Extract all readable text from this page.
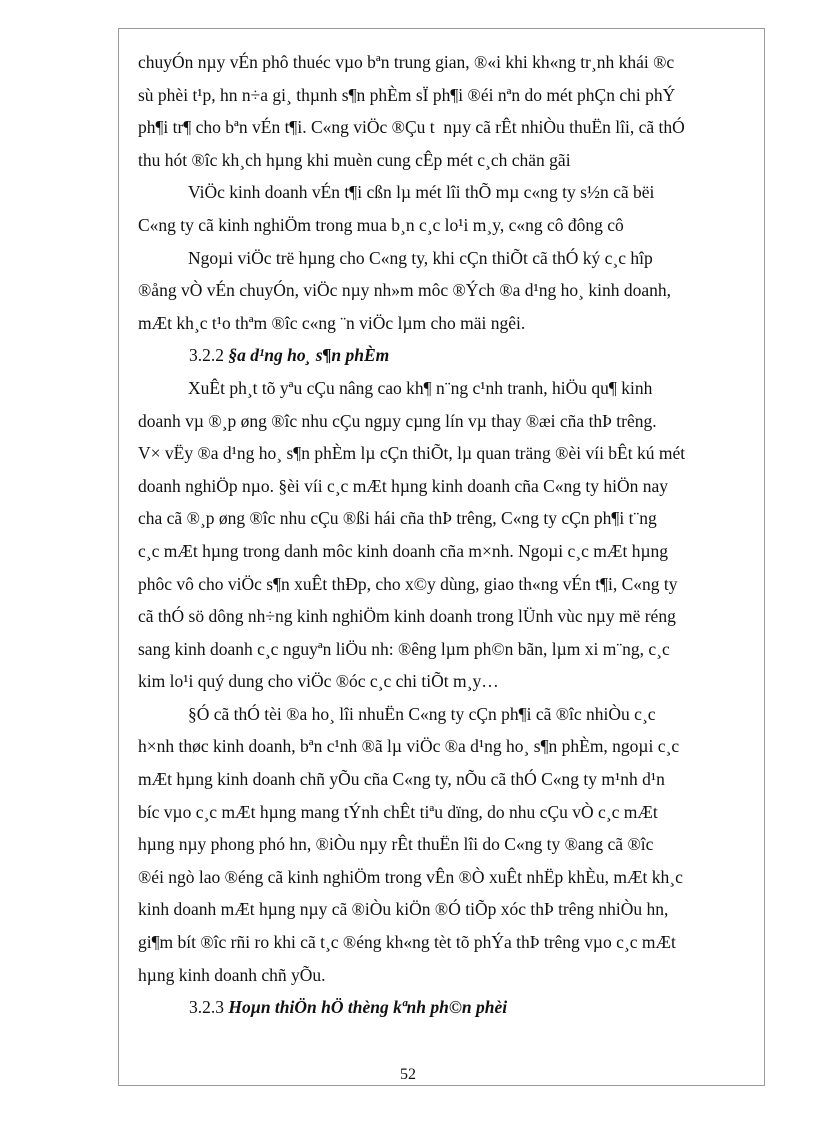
chuyÓn nµy vÉn phô thuéc vµo bªn trung gian, ®«i khi kh«ng tr¸nh khái ®c
sù phèi t¹p, hn n÷a gi¸ thµnh s¶n phÈm sÏ ph¶i ®éi nªn do mét phÇn chi phÝ
ph¶i tr¶ cho bªn vÉn t¶i. C«ng viÖc ®Çu t  nµy cã rÊt nhiÒu thuËn lîi, cã thÓ
thu hót ®îc kh¸ch hµng khi muèn cung cÊp mét c¸ch chän gãi
ViÖc kinh doanh vÉn t¶i cßn lµ mét lîi thÕ mµ c«ng ty s½n cã bëi
C«ng ty cã kinh nghiÖm trong mua b¸n c¸c lo¹i m¸y, c«ng cô đông cô
Ngoµi viÖc trë hµng cho C«ng ty, khi cÇn thiÕt cã thÓ ký c¸c hîp
®ång vÒ vÉn chuyÓn, viÖc nµy nh»m môc ®Ých ®a d¹ng ho¸ kinh doanh,
mÆt kh¸c t¹o thªm ®îc c«ng ¨n viÖc lµm cho mäi ngêi.
3.2.2 §a d¹ng ho¸ s¶n phÈm
XuÊt ph¸t tõ yªu cÇu nâng cao kh¶ n¨ng c¹nh tranh, hiÖu qu¶ kinh
doanh vµ ®¸p øng ®îc nhu cÇu ngµy cµng lín vµ thay ®æi cña thÞ trêng.
V× vËy ®a d¹ng ho¸ s¶n phÈm lµ cÇn thiÕt, lµ quan träng ®èi víi bÊt kú mét
doanh nghiÖp nµo. §èi víi c¸c mÆt hµng kinh doanh cña C«ng ty hiÖn nay
cha cã ®¸p øng ®îc nhu cÇu ®ßi hái cña thÞ trêng, C«ng ty cÇn ph¶i t¨ng
c¸c mÆt hµng trong danh môc kinh doanh cña m×nh. Ngoµi c¸c mÆt hµng
phôc vô cho viÖc s¶n xuÊt thÐp, cho x©y dùng, giao th«ng vÉn t¶i, C«ng ty
cã thÓ sö dông nh÷ng kinh nghiÖm kinh doanh trong lÜnh vùc nµy më réng
sang kinh doanh c¸c nguyªn liÖu nh: ®êng lµm ph©n bãn, lµm xi m¨ng, c¸c
kim lo¹i quý dung cho viÖc ®óc c¸c chi tiÕt m¸y…
§Ó cã thÓ tèi ®a ho¸ lîi nhuËn C«ng ty cÇn ph¶i cã ®îc nhiÒu c¸c
h×nh thøc kinh doanh, bªn c¹nh ®ã lµ viÖc ®a d¹ng ho¸ s¶n phÈm, ngoµi c¸c
mÆt hµng kinh doanh chñ yÕu cña C«ng ty, nÕu cã thÓ C«ng ty m¹nh d¹n
bíc vµo c¸c mÆt hµng mang tÝnh chÊt tiªu dïng, do nhu cÇu vÒ c¸c mÆt
hµng nµy phong phó hn, ®iÒu nµy rÊt thuËn lîi do C«ng ty ®ang cã ®îc
®éi ngò lao ®éng cã kinh nghiÖm trong vÊn ®Ò xuÊt nhËp khÈu, mÆt kh¸c
kinh doanh mÆt hµng nµy cã ®iÒu kiÖn ®Ó tiÕp xóc thÞ trêng nhiÒu hn,
gi¶m bít ®îc rñi ro khi cã t¸c ®éng kh«ng tèt tõ phÝa thÞ trêng vµo c¸c mÆt
hµng kinh doanh chñ yÕu.
3.2.3 Hoµn thiÖn hÖ thèng kªnh ph©n phèi
52
